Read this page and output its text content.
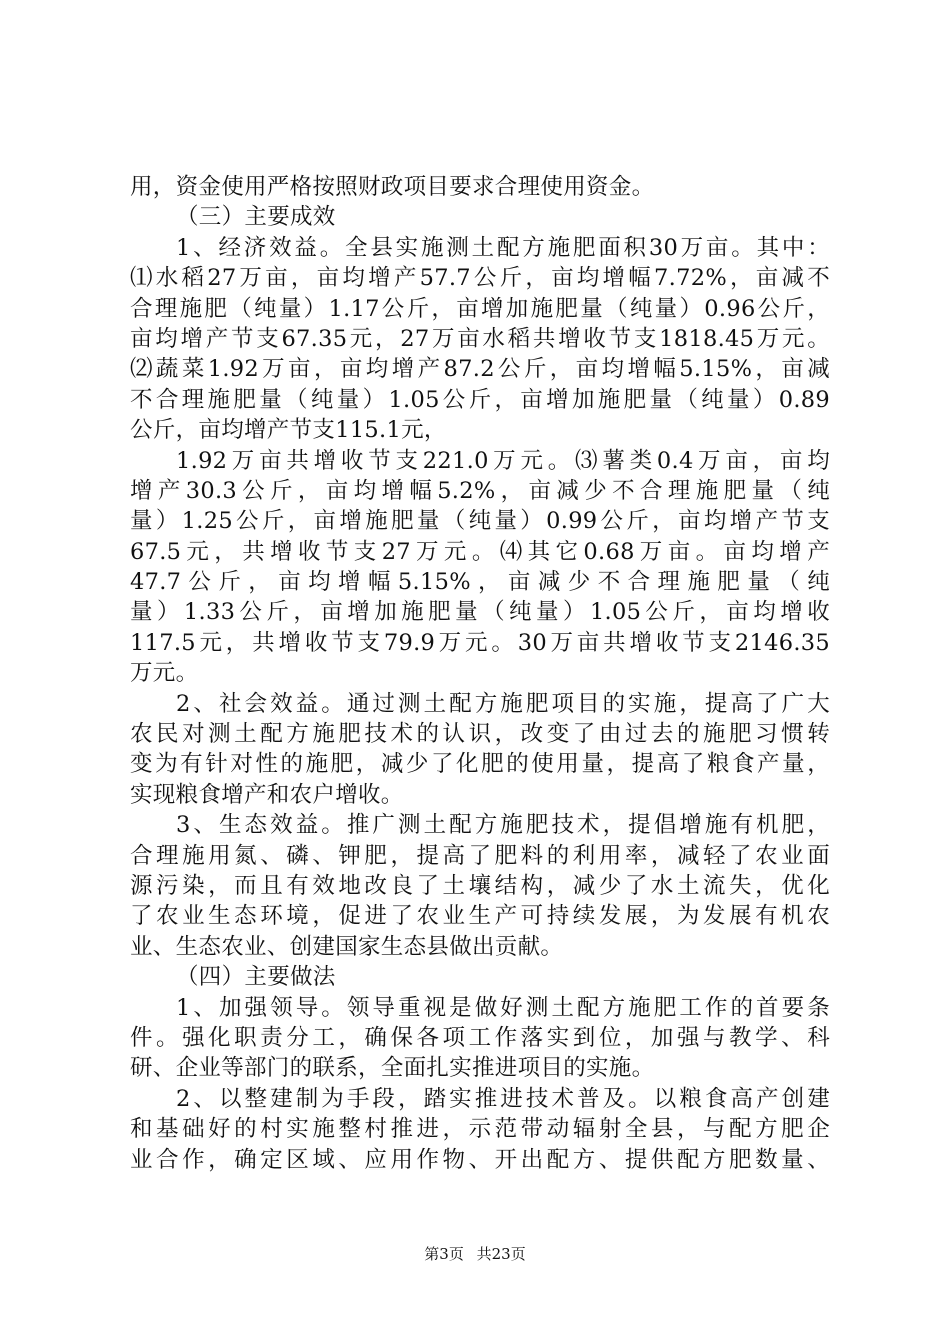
用，资金使用严格按照财政项目要求合理使用资金。
（三）主要成效
1、经济效益。全县实施测土配方施肥面积30万亩。其中：
⑴水稻27万亩，亩均增产57.7公斤，亩均增幅7.72%，亩减不
合理施肥（纯量）1.17公斤，亩增加施肥量（纯量）0.96公斤，
亩均增产节支67.35元，27万亩水稻共增收节支1818.45万元。
⑵蔬菜1.92万亩，亩均增产87.2公斤，亩均增幅5.15%，亩减
不合理施肥量（纯量）1.05公斤，亩增加施肥量（纯量）0.89
公斤，亩均增产节支115.1元，
1.92万亩共增收节支221.0万元。⑶薯类0.4万亩，亩均
增产30.3公斤，亩均增幅5.2%，亩减少不合理施肥量（纯
量）1.25公斤，亩增施肥量（纯量）0.99公斤，亩均增产节支
67.5元，共增收节支27万元。⑷其它0.68万亩。亩均增产
47.7公斤，亩均增幅5.15%，亩减少不合理施肥量（纯
量）1.33公斤，亩增加施肥量（纯量）1.05公斤，亩均增收
117.5元，共增收节支79.9万元。30万亩共增收节支2146.35
万元。
2、社会效益。通过测土配方施肥项目的实施，提高了广大
农民对测土配方施肥技术的认识，改变了由过去的施肥习惯转
变为有针对性的施肥，减少了化肥的使用量，提高了粮食产量，
实现粮食增产和农户增收。
3、生态效益。推广测土配方施肥技术，提倡增施有机肥，
合理施用氮、磷、钾肥，提高了肥料的利用率，减轻了农业面
源污染，而且有效地改良了土壤结构，减少了水土流失，优化
了农业生态环境，促进了农业生产可持续发展，为发展有机农
业、生态农业、创建国家生态县做出贡献。
（四）主要做法
1、加强领导。领导重视是做好测土配方施肥工作的首要条
件。强化职责分工，确保各项工作落实到位，加强与教学、科
研、企业等部门的联系，全面扎实推进项目的实施。
2、以整建制为手段，踏实推进技术普及。以粮食高产创建
和基础好的村实施整村推进，示范带动辐射全县，与配方肥企
业合作，确定区域、应用作物、开出配方、提供配方肥数量、
第3页 共23页
